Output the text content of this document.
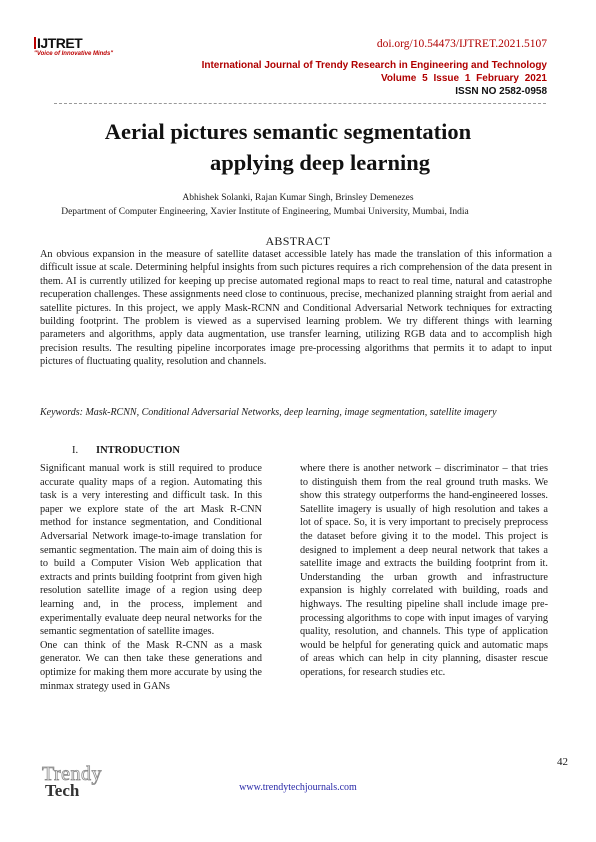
IJTRET
"Voice of Innovative Minds"
doi.org/10.54473/IJTRET.2021.5107
International Journal of Trendy Research in Engineering and Technology
Volume 5 Issue 1 February 2021
ISSN NO 2582-0958
Aerial pictures semantic segmentation
applying deep learning
Abhishek Solanki, Rajan Kumar Singh, Brinsley Demenezes
Department of Computer Engineering, Xavier Institute of Engineering, Mumbai University, Mumbai, India
ABSTRACT
An obvious expansion in the measure of satellite dataset accessible lately has made the translation of this information a difficult issue at scale. Determining helpful insights from such pictures requires a rich comprehension of the data present in them. AI is currently utilized for keeping up precise automated regional maps to react to real time, natural and catastrophe recuperation challenges. These assignments need close to continuous, precise, mechanized planning straight from aerial and satellite pictures. In this project, we apply Mask-RCNN and Conditional Adversarial Network techniques for extracting building footprint. The problem is viewed as a supervised learning problem. We try different things with learning parameters and algorithms, apply data augmentation, use transfer learning, utilizing RGB data and to accomplish high precision results. The resulting pipeline incorporates image pre-processing algorithms that permits it to adapt to input pictures of fluctuating quality, resolution and channels.
Keywords: Mask-RCNN, Conditional Adversarial Networks, deep learning, image segmentation, satellite imagery
I. INTRODUCTION

Significant manual work is still required to produce accurate quality maps of a region. Automating this task is a very interesting and difficult task. In this paper we explore state of the art Mask R-CNN method for instance segmentation, and Conditional Adversarial Network image-to-image translation for semantic segmentation. The main aim of doing this is to build a Computer Vision Web application that extracts and prints building footprint from given high resolution satellite image of a region using deep learning and, in the process, implement and experimentally evaluate deep neural networks for the semantic segmentation of satellite images.

One can think of the Mask R-CNN as a mask generator. We can then take these generations and optimize for making them more accurate by using the minmax strategy used in GANs

where there is another network – discriminator – that tries to distinguish them from the real ground truth masks. We show this strategy outperforms the hand-engineered losses. Satellite imagery is usually of high resolution and takes a lot of space. So, it is very important to precisely preprocess the dataset before giving it to the model. This project is designed to implement a deep neural network that takes a satellite image and extracts the building footprint from it. Understanding the urban growth and infrastructure expansion is highly correlated with building, roads and highways. The resulting pipeline shall include image pre-processing algorithms to cope with input images of varying quality, resolution, and channels. This type of application would be helpful for generating quick and automatic maps of areas which can help in city planning, disaster rescue operations, for research studies etc.

42
Trendy
Tech	www.trendytechjournals.com
